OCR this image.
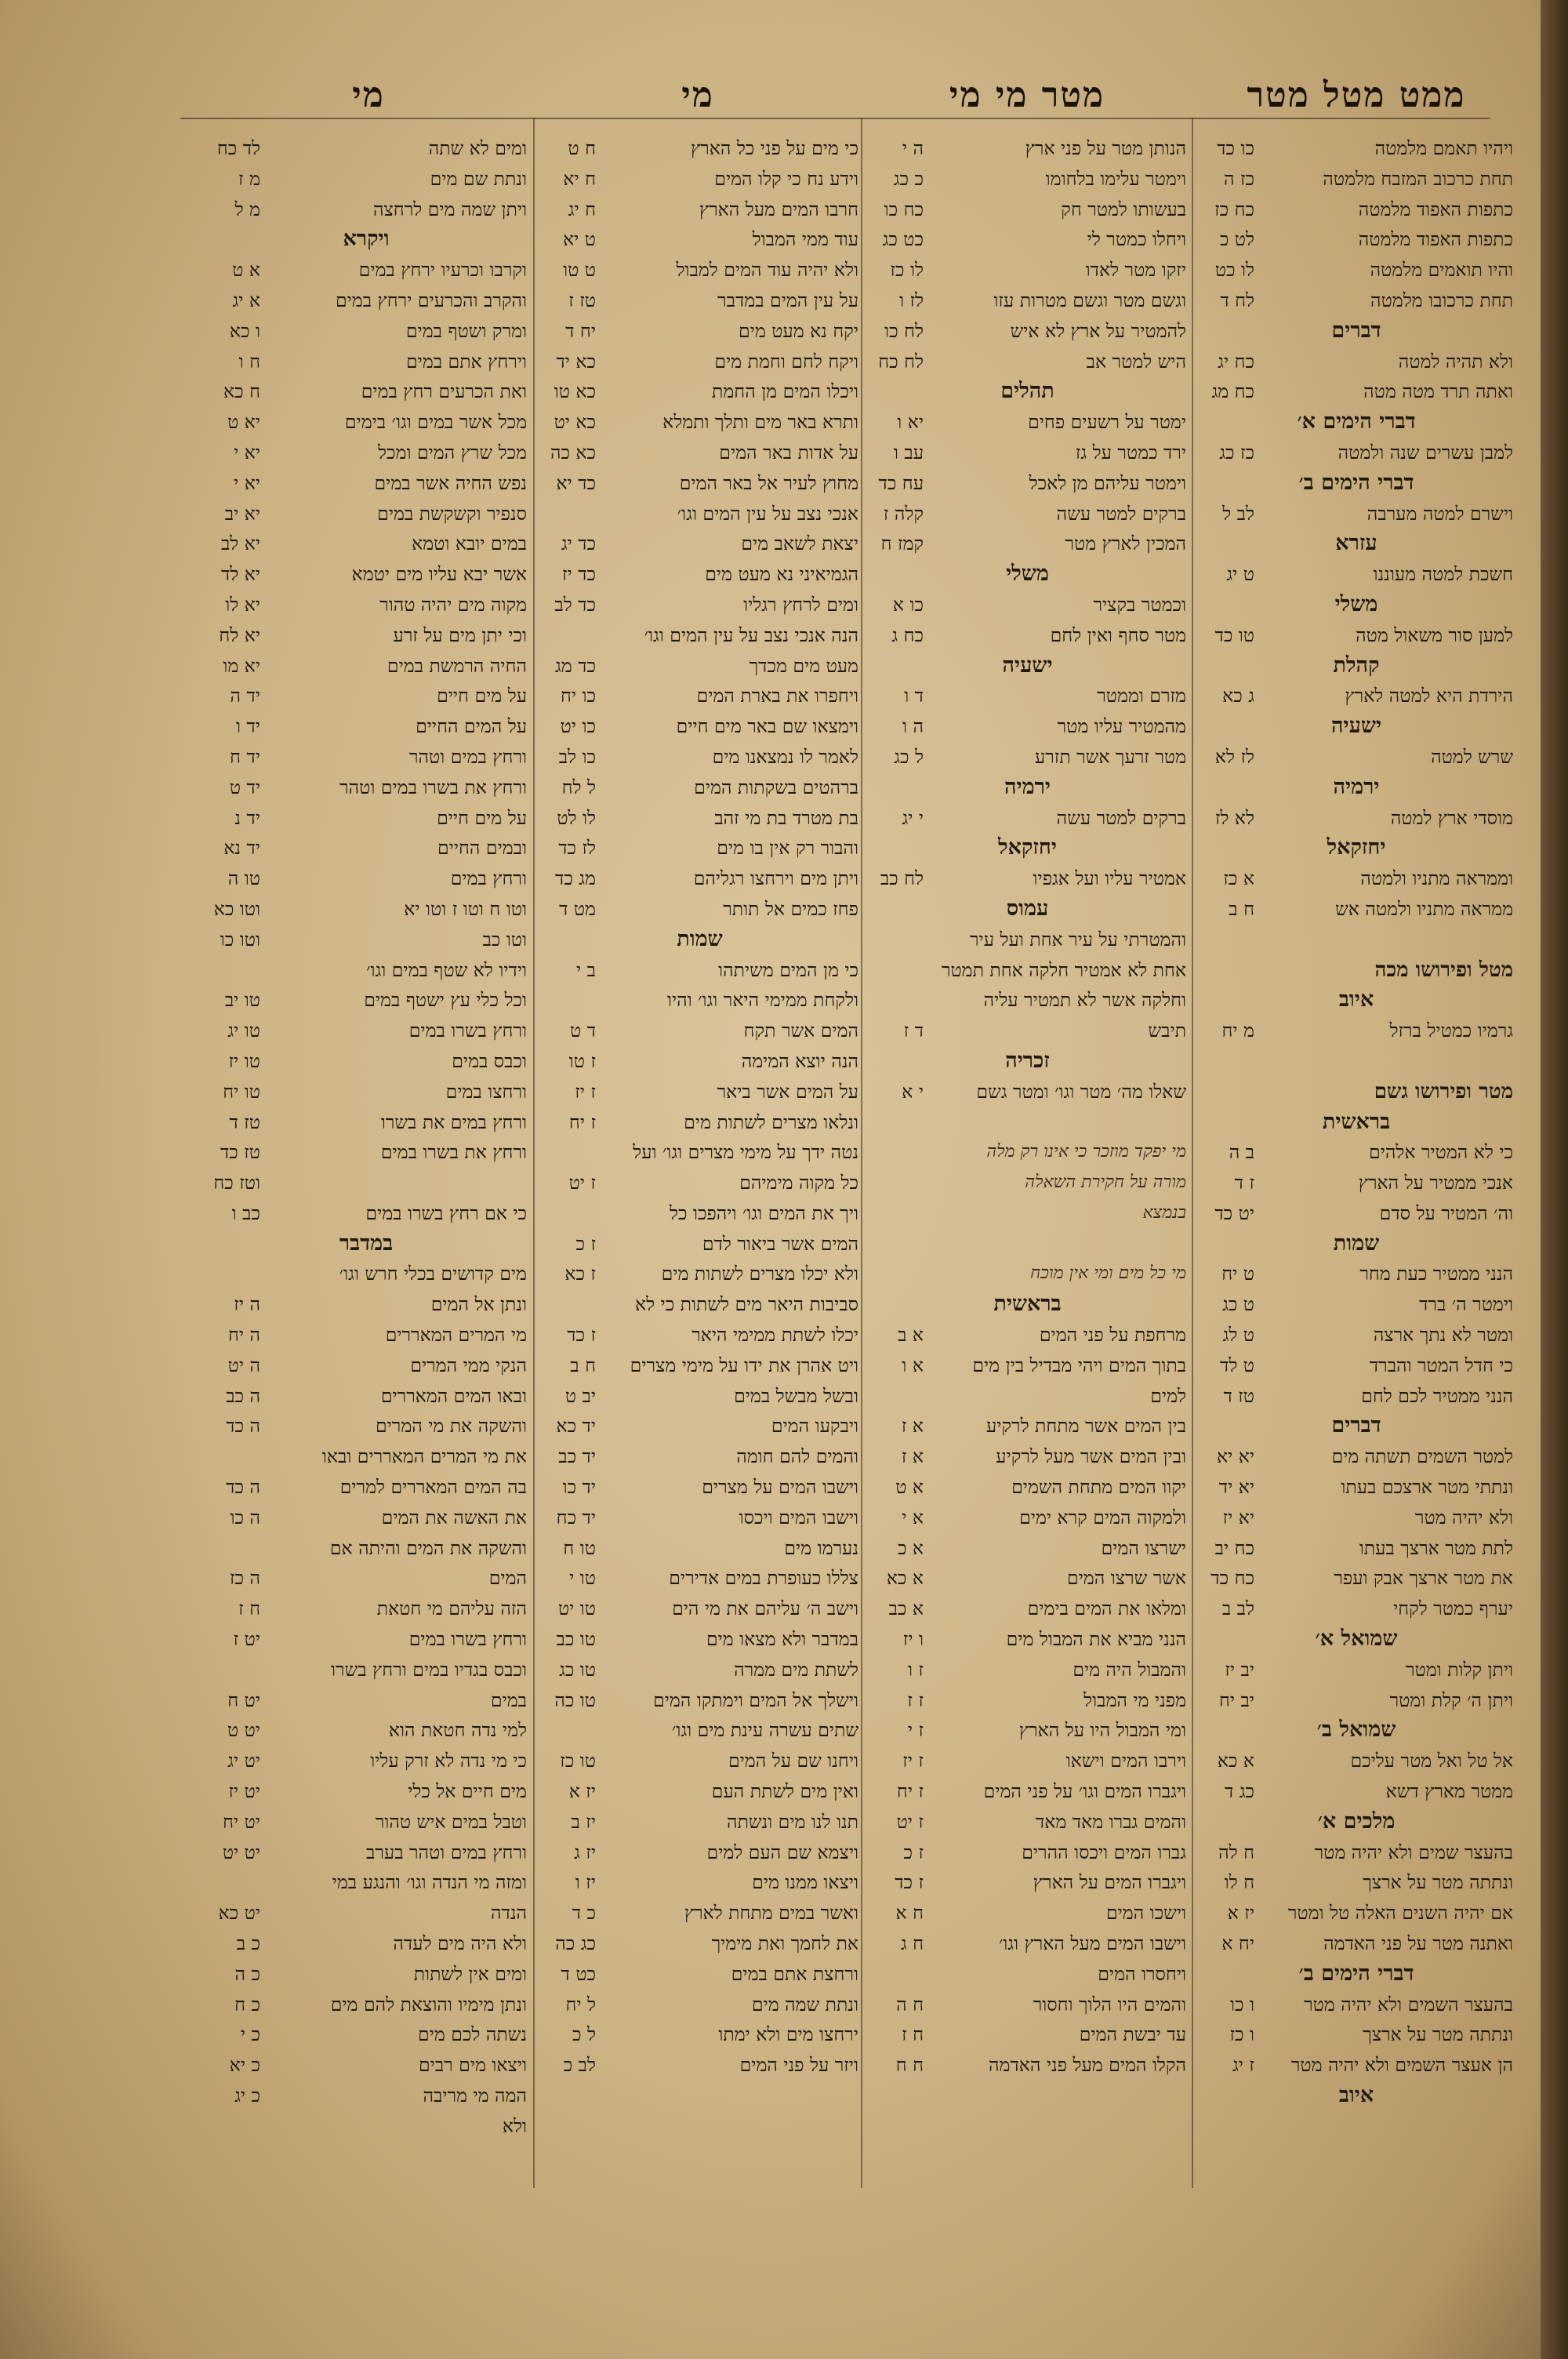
ממט מטל מטר
מטר מי מי
מי
מי
ויהיו תאמם מלמטה
כו כד
תחת כרכוב המזבח מלמטה
כז ה
כתפות האפוד מלמטה
כח כז
כתפות האפוד מלמטה
לט כ
והיו תואמים מלמטה
לו כט
תחת כרכובו מלמטה
לח ד
דברים
ולא תהיה למטה
כח יג
ואתה תרד מטה מטה
כח מג
דברי הימים א׳
למבן עשרים שנה ולמטה
כז כג
דברי הימים ב׳
וישרם למטה מערבה
לב ל
עזרא
חשכת למטה מעוננו
ט יג
משלי
למען סור משאול מטה
טו כד
קהלת
הירדת היא למטה לארץ
ג כא
ישעיה
שרש למטה
לז לא
ירמיה
מוסדי ארץ למטה
לא לז
יחזקאל
וממראה מתניו ולמטה
א כז
ממראה מתניו ולמטה אש
ח ב
מטל ופירושו מכה
איוב
גרמיו כמטיל ברזל
מ יח
מטר ופירושו גשם
בראשית
כי לא המטיר אלהים
ב ה
אנכי ממטיר על הארץ
ז ד
וה׳ המטיר על סדם
יט כד
שמות
הנני ממטיר כעת מחר
ט יח
וימטר ה׳ ברד
ט כג
ומטר לא נתך ארצה
ט לג
כי חדל המטר והברד
ט לד
הנני ממטיר לכם לחם
טז ד
דברים
למטר השמים תשתה מים
יא יא
ונתתי מטר ארצכם בעתו
יא יד
ולא יהיה מטר
יא יז
לתת מטר ארצך בעתו
כח יב
את מטר ארצך אבק ועפר
כח כד
יערף כמטר לקחי
לב ב
שמואל א׳
ויתן קלות ומטר
יב יז
ויתן ה׳ קלת ומטר
יב יח
שמואל ב׳
אל טל ואל מטר עליכם
א כא
ממטר מארץ דשא
כג ד
מלכים א׳
בהעצר שמים ולא יהיה מטר
ח לה
ונתתה מטר על ארצך
ח לו
אם יהיה השנים האלה טל ומטר
יז א
ואתנה מטר על פני האדמה
יח א
דברי הימים ב׳
בהעצר השמים ולא יהיה מטר
ו כו
ונתתה מטר על ארצך
ו כז
הן אעצר השמים ולא יהיה מטר
ז יג
איוב
הנותן מטר על פני ארץ
ה י
וימטר עלימו בלחומו
כ כג
בעשותו למטר חק
כח כו
ויחלו כמטר לי
כט כג
יזקו מטר לאדו
לו כז
וגשם מטר וגשם מטרות עזו
לז ו
להמטיר על ארץ לא איש
לח כו
היש למטר אב
לח כח
תהלים
ימטר על רשעים פחים
יא ו
ירד כמטר על גז
עב ו
וימטר עליהם מן לאכל
עח כד
ברקים למטר עשה
קלה ז
המכין לארץ מטר
קמז ח
משלי
וכמטר בקציר
כו א
מטר סחף ואין לחם
כח ג
ישעיה
מזרם וממטר
ד ו
מהמטיר עליו מטר
ה ו
מטר זרעך אשר תזרע
ל כג
ירמיה
ברקים למטר עשה
י יג
יחזקאל
אמטיר עליו ועל אגפיו
לח כב
עמוס
והמטרתי על עיר אחת ועל עיר
אחת לא אמטיר חלקה אחת תמטר
וחלקה אשר לא תמטיר עליה
תיבש
ד ז
זכריה
שאלו מה׳ מטר וגו׳ ומטר גשם
י א
מי יפקד מוזכר כי אינו רק מלה
מורה על חקירת השאלה
בנמצא
מי כל מים ומי אין מוכח
בראשית
מרחפת על פני המים
א ב
בתוך המים ויהי מבדיל בין מים
א ו
למים
בין המים אשר מתחת לרקיע
א ז
ובין המים אשר מעל לרקיע
א ז
יקוו המים מתחת השמים
א ט
ולמקוה המים קרא ימים
א י
ישרצו המים
א כ
אשר שרצו המים
א כא
ומלאו את המים בימים
א כב
הנני מביא את המבול מים
ו יז
והמבול היה מים
ז ו
מפני מי המבול
ז ז
ומי המבול היו על הארץ
ז י
וירבו המים וישאו
ז יז
ויגברו המים וגו׳ על פני המים
ז יח
והמים גברו מאד מאד
ז יט
גברו המים ויכסו ההרים
ז כ
ויגברו המים על הארץ
ז כד
וישכו המים
ח א
וישבו המים מעל הארץ וגו׳
ח ג
ויחסרו המים
והמים היו הלוך וחסור
ח ה
עד יבשת המים
ח ז
הקלו המים מעל פני האדמה
ח ח
כי מים על פני כל הארץ
ח ט
וידע נח כי קלו המים
ח יא
חרבו המים מעל הארץ
ח יג
עוד ממי המבול
ט יא
ולא יהיה עוד המים למבול
ט טו
על עין המים במדבר
טז ז
יקח נא מעט מים
יח ד
ויקח לחם וחמת מים
כא יד
ויכלו המים מן החמת
כא טו
ותרא באר מים ותלך ותמלא
כא יט
על אדות באר המים
כא כה
מחוץ לעיר אל באר המים
כד יא
אנכי נצב על עין המים וגו׳
יצאת לשאב מים
כד יג
הגמיאיני נא מעט מים
כד יז
ומים לרחץ רגליו
כד לב
הנה אנכי נצב על עין המים וגו׳
מעט מים מכדך
כד מג
ויחפרו את בארת המים
כו יח
וימצאו שם באר מים חיים
כו יט
לאמר לו נמצאנו מים
כו לב
ברהטים בשקתות המים
ל לח
בת מטרד בת מי זהב
לו לט
והבור רק אין בו מים
לז כד
ויתן מים וירחצו רגליהם
מג כד
פחז כמים אל תותר
מט ד
שמות
כי מן המים משיתהו
ב י
ולקחת ממימי היאר וגו׳ והיו
המים אשר תקח
ד ט
הנה יוצא המימה
ז טו
על המים אשר ביאר
ז יז
ונלאו מצרים לשתות מים
ז יח
נטה ידך על מימי מצרים וגו׳ ועל
כל מקוה מימיהם
ז יט
ויך את המים וגו׳ ויהפכו כל
המים אשר ביאור לדם
ז כ
ולא יכלו מצרים לשתות מים
ז כא
סביבות היאר מים לשתות כי לא
יכלו לשתת ממימי היאר
ז כד
ויט אהרן את ידו על מימי מצרים
ח ב
ובשל מבשל במים
יב ט
ויבקעו המים
יד כא
והמים להם חומה
יד כב
וישבו המים על מצרים
יד כו
וישבו המים ויכסו
יד כח
נערמו מים
טו ח
צללו כעופרת במים אדירים
טו י
וישב ה׳ עליהם את מי הים
טו יט
במדבר ולא מצאו מים
טו כב
לשתת מים ממרה
טו כג
וישלך אל המים וימתקו המים
טו כה
שתים עשרה עינת מים וגו׳
ויחנו שם על המים
טו כז
ואין מים לשתת העם
יז א
תנו לנו מים ונשתה
יז ב
ויצמא שם העם למים
יז ג
ויצאו ממנו מים
יז ו
ואשר במים מתחת לארץ
כ ד
את לחמך ואת מימיך
כג כה
ורחצת אתם במים
כט ד
ונתת שמה מים
ל יח
ירחצו מים ולא ימתו
ל כ
ויזר על פני המים
לב כ
ומים לא שתה
לד כח
ונתת שם מים
מ ז
ויתן שמה מים לרחצה
מ ל
ויקרא
וקרבו וכרעיו ירחץ במים
א ט
והקרב והכרעים ירחץ במים
א יג
ומרק ושטף במים
ו כא
וירחץ אתם במים
ח ו
ואת הכרעים רחץ במים
ח כא
מכל אשר במים וגו׳ בימים
יא ט
מכל שרץ המים ומכל
יא י
נפש החיה אשר במים
יא י
סנפיר וקשקשת במים
יא יב
במים יובא וטמא
יא לב
אשר יבא עליו מים יטמא
יא לד
מקוה מים יהיה טהור
יא לו
וכי יתן מים על זרע
יא לח
החיה הרמשת במים
יא מו
על מים חיים
יד ה
על המים החיים
יד ו
ורחץ במים וטהר
יד ח
ורחץ את בשרו במים וטהר
יד ט
על מים חיים
יד נ
ובמים החיים
יד נא
ורחץ במים
טו ה
וטו ח וטו ז וטו יא
וטו כא
וטו כב
וטו כו
וידיו לא שטף במים וגו׳
וכל כלי עץ ישטף במים
טו יב
ורחץ בשרו במים
טו יג
וכבס במים
טו יז
ורחצו במים
טו יח
ורחץ במים את בשרו
טז ד
ורחץ את בשרו במים
טז כד
וטז כח
כי אם רחץ בשרו במים
כב ו
במדבר
מים קדושים בכלי חרש וגו׳
ונתן אל המים
ה יז
מי המרים המאררים
ה יח
הנקי ממי המרים
ה יט
ובאו המים המאררים
ה כב
והשקה את מי המרים
ה כד
את מי המרים המאררים ובאו
בה המים המאררים למרים
ה כד
את האשה את המים
ה כו
והשקה את המים והיתה אם
המים
ה כז
הזה עליהם מי חטאת
ח ז
ורחץ בשרו במים
יט ז
וכבס בגדיו במים ורחץ בשרו
במים
יט ח
למי נדה חטאת הוא
יט ט
כי מי נדה לא זרק עליו
יט יג
מים חיים אל כלי
יט יז
וטבל במים איש טהור
יט יח
ורחץ במים וטהר בערב
יט יט
ומזה מי הנדה וגו׳ והנגע במי
הנדה
יט כא
ולא היה מים לעדה
כ ב
ומים אין לשתות
כ ה
ונתן מימיו והוצאת להם מים
כ ח
נשתה לכם מים
כ י
ויצאו מים רבים
כ יא
המה מי מריבה
כ יג
ולא
